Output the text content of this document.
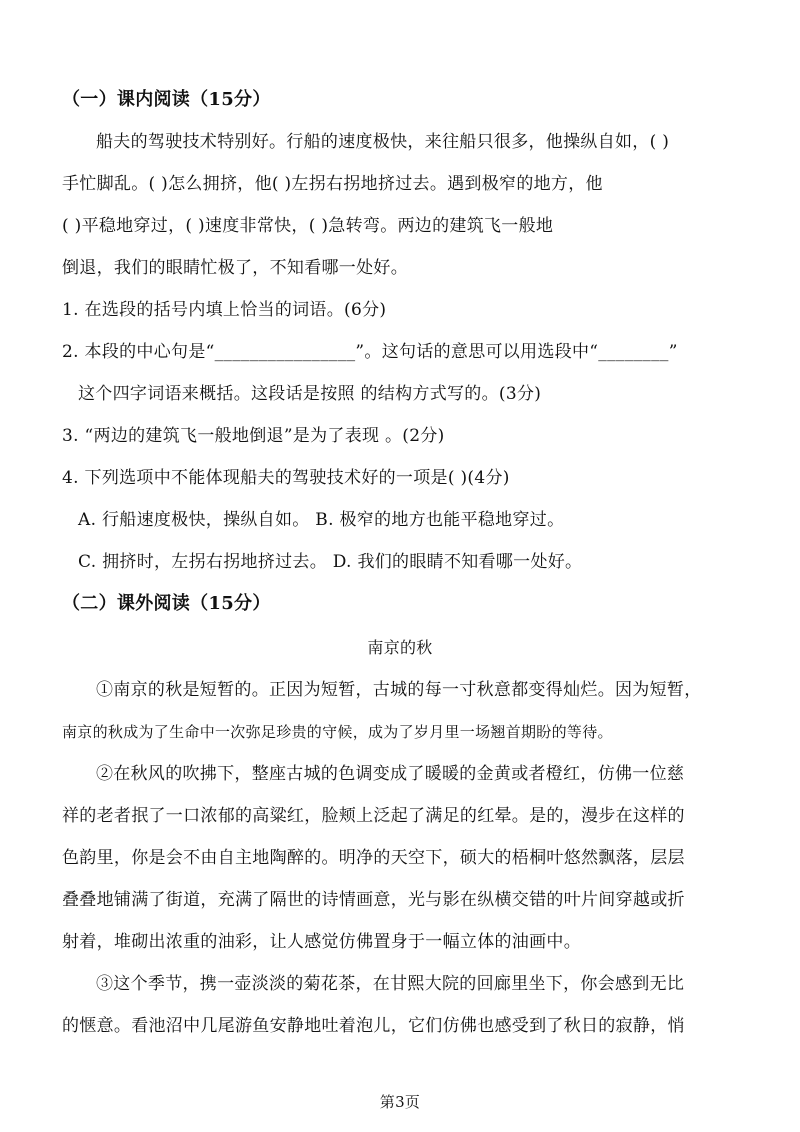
（一）课内阅读（15分）
船夫的驾驶技术特别好。行船的速度极快，来往船只很多，他操纵自如，( )
手忙脚乱。( )怎么拥挤，他( )左拐右拐地挤过去。遇到极窄的地方，他
( )平稳地穿过，( )速度非常快，( )急转弯。两边的建筑飞一般地
倒退，我们的眼睛忙极了，不知看哪一处好。
1. 在选段的括号内填上恰当的词语。(6分)
2. 本段的中心句是“________________”。这句话的意思可以用选段中“________”
这个四字词语来概括。这段话是按照 的结构方式写的。(3分)
3. “两边的建筑飞一般地倒退”是为了表现 。(2分)
4. 下列选项中不能体现船夫的驾驶技术好的一项是( )(4分)
A. 行船速度极快，操纵自如。 B. 极窄的地方也能平稳地穿过。
C. 拥挤时，左拐右拐地挤过去。 D. 我们的眼睛不知看哪一处好。
（二）课外阅读（15分）
南京的秋
①南京的秋是短暂的。正因为短暂，古城的每一寸秋意都变得灿烂。因为短暂，
南京的秋成为了生命中一次弥足珍贵的守候，成为了岁月里一场翘首期盼的等待。
②在秋风的吹拂下，整座古城的色调变成了暖暖的金黄或者橙红，仿佛一位慈
祥的老者抿了一口浓郁的高粱红，脸颊上泛起了满足的红晕。是的，漫步在这样的
色韵里，你是会不由自主地陶醉的。明净的天空下，硕大的梧桐叶悠然飘落，层层
叠叠地铺满了街道，充满了隔世的诗情画意，光与影在纵横交错的叶片间穿越或折
射着，堆砌出浓重的油彩，让人感觉仿佛置身于一幅立体的油画中。
③这个季节，携一壶淡淡的菊花茶，在甘熙大院的回廊里坐下，你会感到无比
的惬意。看池沼中几尾游鱼安静地吐着泡儿，它们仿佛也感受到了秋日的寂静，悄
第3页
